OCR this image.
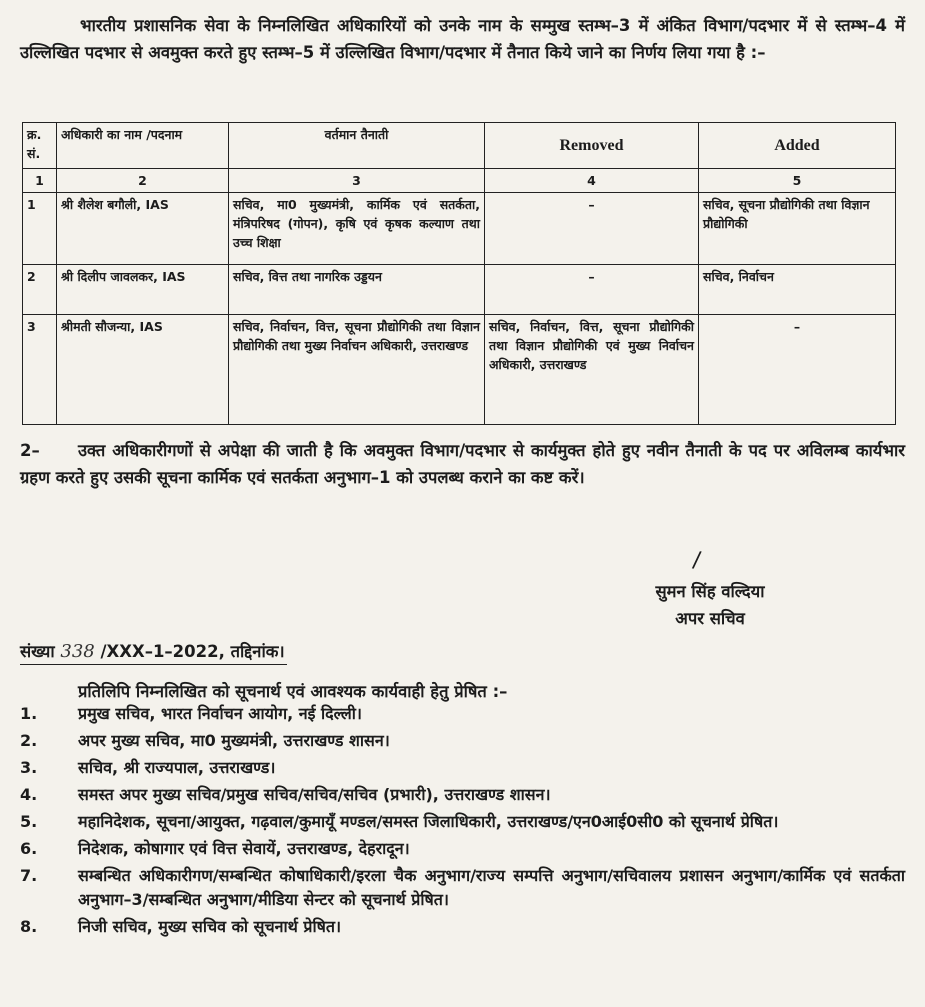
भारतीय प्रशासनिक सेवा के निम्नलिखित अधिकारियों को उनके नाम के सम्मुख स्तम्भ–3 में अंकित विभाग/पदभार में से स्तम्भ–4 में उल्लिखित पदभार से अवमुक्त करते हुए स्तम्भ–5 में उल्लिखित विभाग/पदभार में तैनात किये जाने का निर्णय लिया गया है :–
क्र. सं.	अधिकारी का नाम /पदनाम	वर्तमान तैनाती	Removed	Added
1	2	3	4	5
1	श्री शैलेश बगौली, IAS	सचिव, मा0 मुख्यमंत्री, कार्मिक एवं सतर्कता, मंत्रिपरिषद (गोपन), कृषि एवं कृषक कल्याण तथा उच्च शिक्षा	–	सचिव, सूचना प्रौद्योगिकी तथा विज्ञान प्रौद्योगिकी
2	श्री दिलीप जावलकर, IAS	सचिव, वित्त तथा नागरिक उड्डयन	–	सचिव, निर्वाचन
3	श्रीमती सौजन्या, IAS	सचिव, निर्वाचन, वित्त, सूचना प्रौद्योगिकी तथा विज्ञान प्रौद्योगिकी तथा मुख्य निर्वाचन अधिकारी, उत्तराखण्ड	सचिव, निर्वाचन, वित्त, सूचना प्रौद्योगिकी तथा विज्ञान प्रौद्योगिकी एवं मुख्य निर्वाचन अधिकारी, उत्तराखण्ड	–
2– उक्त अधिकारीगणों से अपेक्षा की जाती है कि अवमुक्त विभाग/पदभार से कार्यमुक्त होते हुए नवीन तैनाती के पद पर अविलम्ब कार्यभार ग्रहण करते हुए उसकी सूचना कार्मिक एवं सतर्कता अनुभाग–1 को उपलब्ध कराने का कष्ट करें।
/
सुमन सिंह वल्दिया
अपर सचिव
संख्या 338 /XXX–1–2022, तद्दिनांक।
प्रतिलिपि निम्नलिखित को सूचनार्थ एवं आवश्यक कार्यवाही हेतु प्रेषित :–
1.	प्रमुख सचिव, भारत निर्वाचन आयोग, नई दिल्ली।
2.	अपर मुख्य सचिव, मा0 मुख्यमंत्री, उत्तराखण्ड शासन।
3.	सचिव, श्री राज्यपाल, उत्तराखण्ड।
4.	समस्त अपर मुख्य सचिव/प्रमुख सचिव/सचिव/सचिव (प्रभारी), उत्तराखण्ड शासन।
5.	महानिदेशक, सूचना/आयुक्त, गढ़वाल/कुमायूँ मण्डल/समस्त जिलाधिकारी, उत्तराखण्ड/एन0आई0सी0 को सूचनार्थ प्रेषित।
6.	निदेशक, कोषागार एवं वित्त सेवायें, उत्तराखण्ड, देहरादून।
7.	सम्बन्धित अधिकारीगण/सम्बन्धित कोषाधिकारी/इरला चैक अनुभाग/राज्य सम्पत्ति अनुभाग/सचिवालय प्रशासन अनुभाग/कार्मिक एवं सतर्कता अनुभाग–3/सम्बन्धित अनुभाग/मीडिया सेन्टर को सूचनार्थ प्रेषित।
8.	निजी सचिव, मुख्य सचिव को सूचनार्थ प्रेषित।
